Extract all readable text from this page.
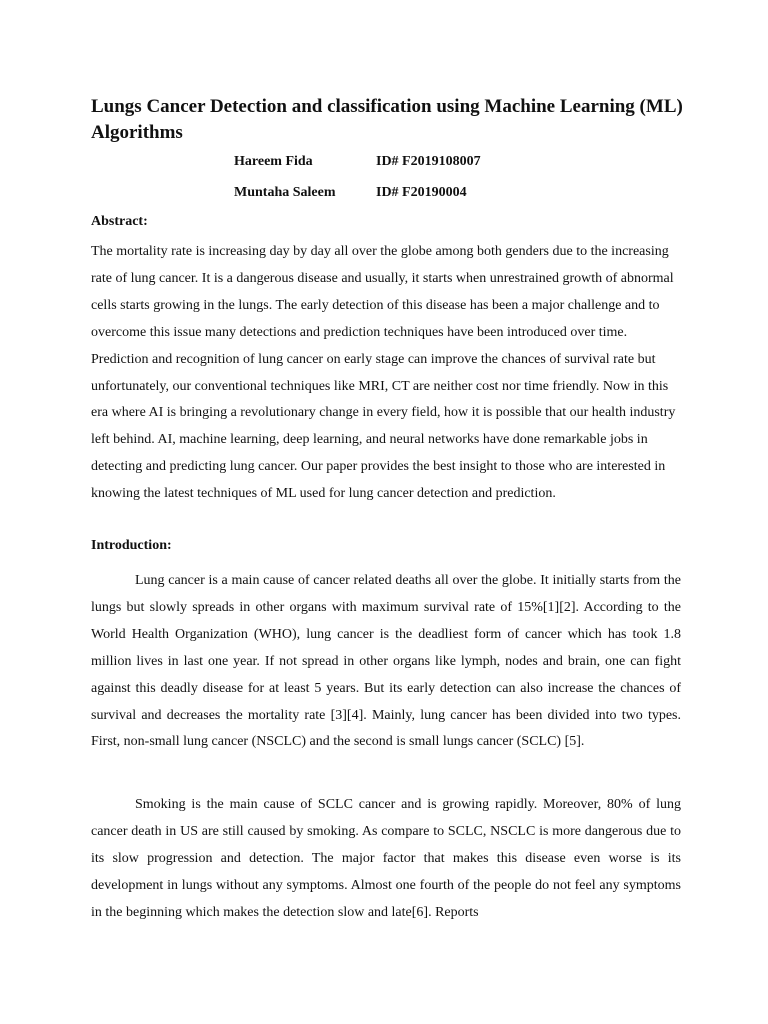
Lungs Cancer Detection and classification using Machine Learning (ML) Algorithms
Hareem Fida	ID# F2019108007
Muntaha Saleem	ID# F20190004
Abstract:

The mortality rate is increasing day by day all over the globe among both genders due to the increasing rate of lung cancer. It is a dangerous disease and usually, it starts when unrestrained growth of abnormal cells starts growing in the lungs. The early detection of this disease has been a major challenge and to overcome this issue many detections and prediction techniques have been introduced over time. Prediction and recognition of lung cancer on early stage can improve the chances of survival rate but unfortunately, our conventional techniques like MRI, CT are neither cost nor time friendly. Now in this era where AI is bringing a revolutionary change in every field, how it is possible that our health industry left behind. AI, machine learning, deep learning, and neural networks have done remarkable jobs in detecting and predicting lung cancer. Our paper provides the best insight to those who are interested in knowing the latest techniques of ML used for lung cancer detection and prediction.

Introduction:

Lung cancer is a main cause of cancer related deaths all over the globe. It initially starts from the lungs but slowly spreads in other organs with maximum survival rate of 15%[1][2]. According to the World Health Organization (WHO), lung cancer is the deadliest form of cancer which has took 1.8 million lives in last one year. If not spread in other organs like lymph, nodes and brain, one can fight against this deadly disease for at least 5 years. But its early detection can also increase the chances of survival and decreases the mortality rate [3][4]. Mainly, lung cancer has been divided into two types. First, non-small lung cancer (NSCLC) and the second is small lungs cancer (SCLC) [5].

Smoking is the main cause of SCLC cancer and is growing rapidly. Moreover, 80% of lung cancer death in US are still caused by smoking. As compare to SCLC, NSCLC is more dangerous due to its slow progression and detection. The major factor that makes this disease even worse is its development in lungs without any symptoms. Almost one fourth of the people do not feel any symptoms in the beginning which makes the detection slow and late[6]. Reports
